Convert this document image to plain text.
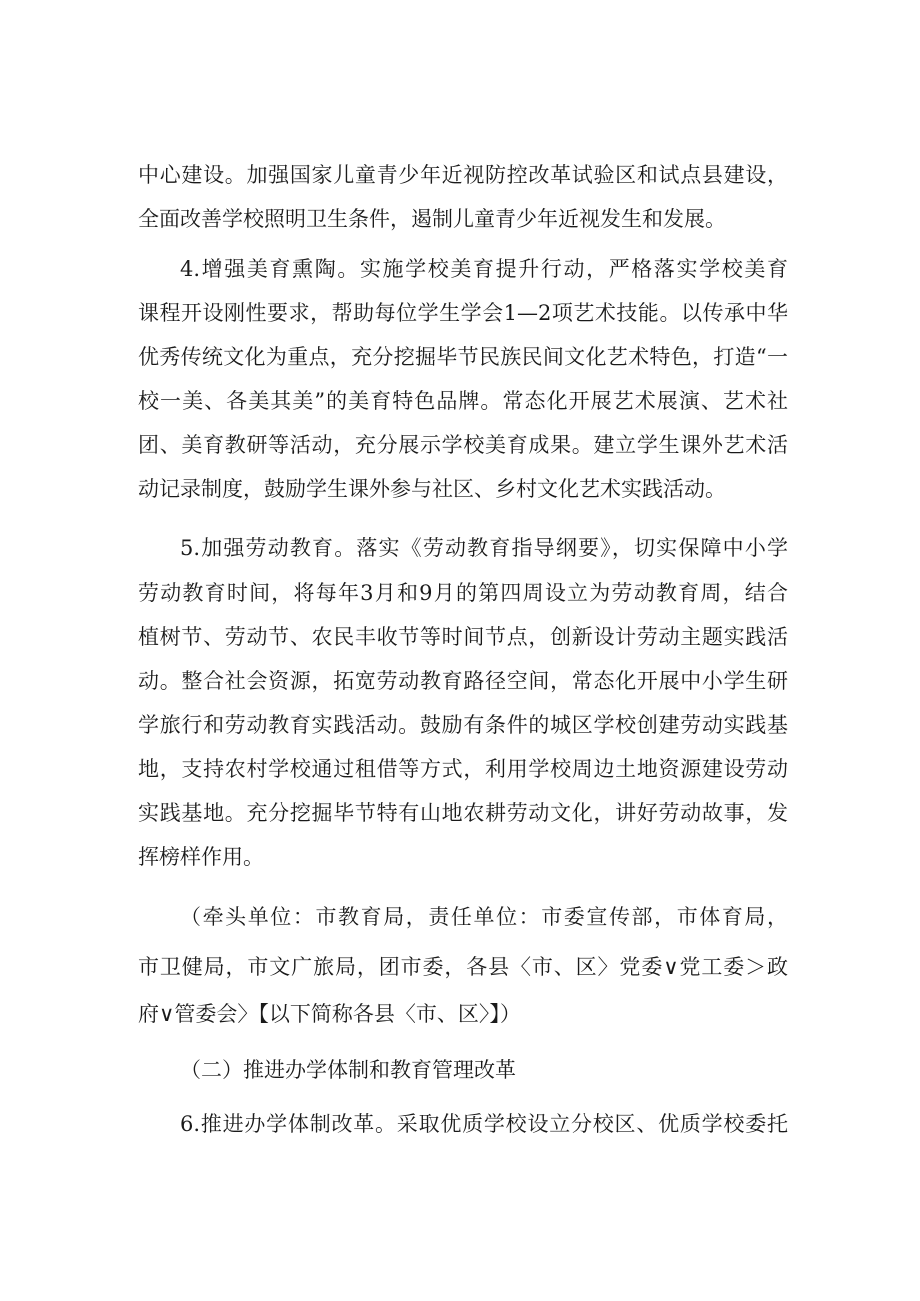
中心建设。加强国家儿童青少年近视防控改革试验区和试点县建设，
全面改善学校照明卫生条件，遏制儿童青少年近视发生和发展。
4.增强美育熏陶。实施学校美育提升行动，严格落实学校美育
课程开设刚性要求，帮助每位学生学会1—2项艺术技能。以传承中华
优秀传统文化为重点，充分挖掘毕节民族民间文化艺术特色，打造“一
校一美、各美其美”的美育特色品牌。常态化开展艺术展演、艺术社
团、美育教研等活动，充分展示学校美育成果。建立学生课外艺术活
动记录制度，鼓励学生课外参与社区、乡村文化艺术实践活动。
5.加强劳动教育。落实《劳动教育指导纲要》，切实保障中小学
劳动教育时间，将每年3月和9月的第四周设立为劳动教育周，结合
植树节、劳动节、农民丰收节等时间节点，创新设计劳动主题实践活
动。整合社会资源，拓宽劳动教育路径空间，常态化开展中小学生研
学旅行和劳动教育实践活动。鼓励有条件的城区学校创建劳动实践基
地，支持农村学校通过租借等方式，利用学校周边土地资源建设劳动
实践基地。充分挖掘毕节特有山地农耕劳动文化，讲好劳动故事，发
挥榜样作用。
（牵头单位：市教育局，责任单位：市委宣传部，市体育局，
市卫健局，市文广旅局，团市委，各县〈市、区〉党委∨党工委＞政
府∨管委会〉【以下简称各县〈市、区〉】）
（二）推进办学体制和教育管理改革
6.推进办学体制改革。采取优质学校设立分校区、优质学校委托
